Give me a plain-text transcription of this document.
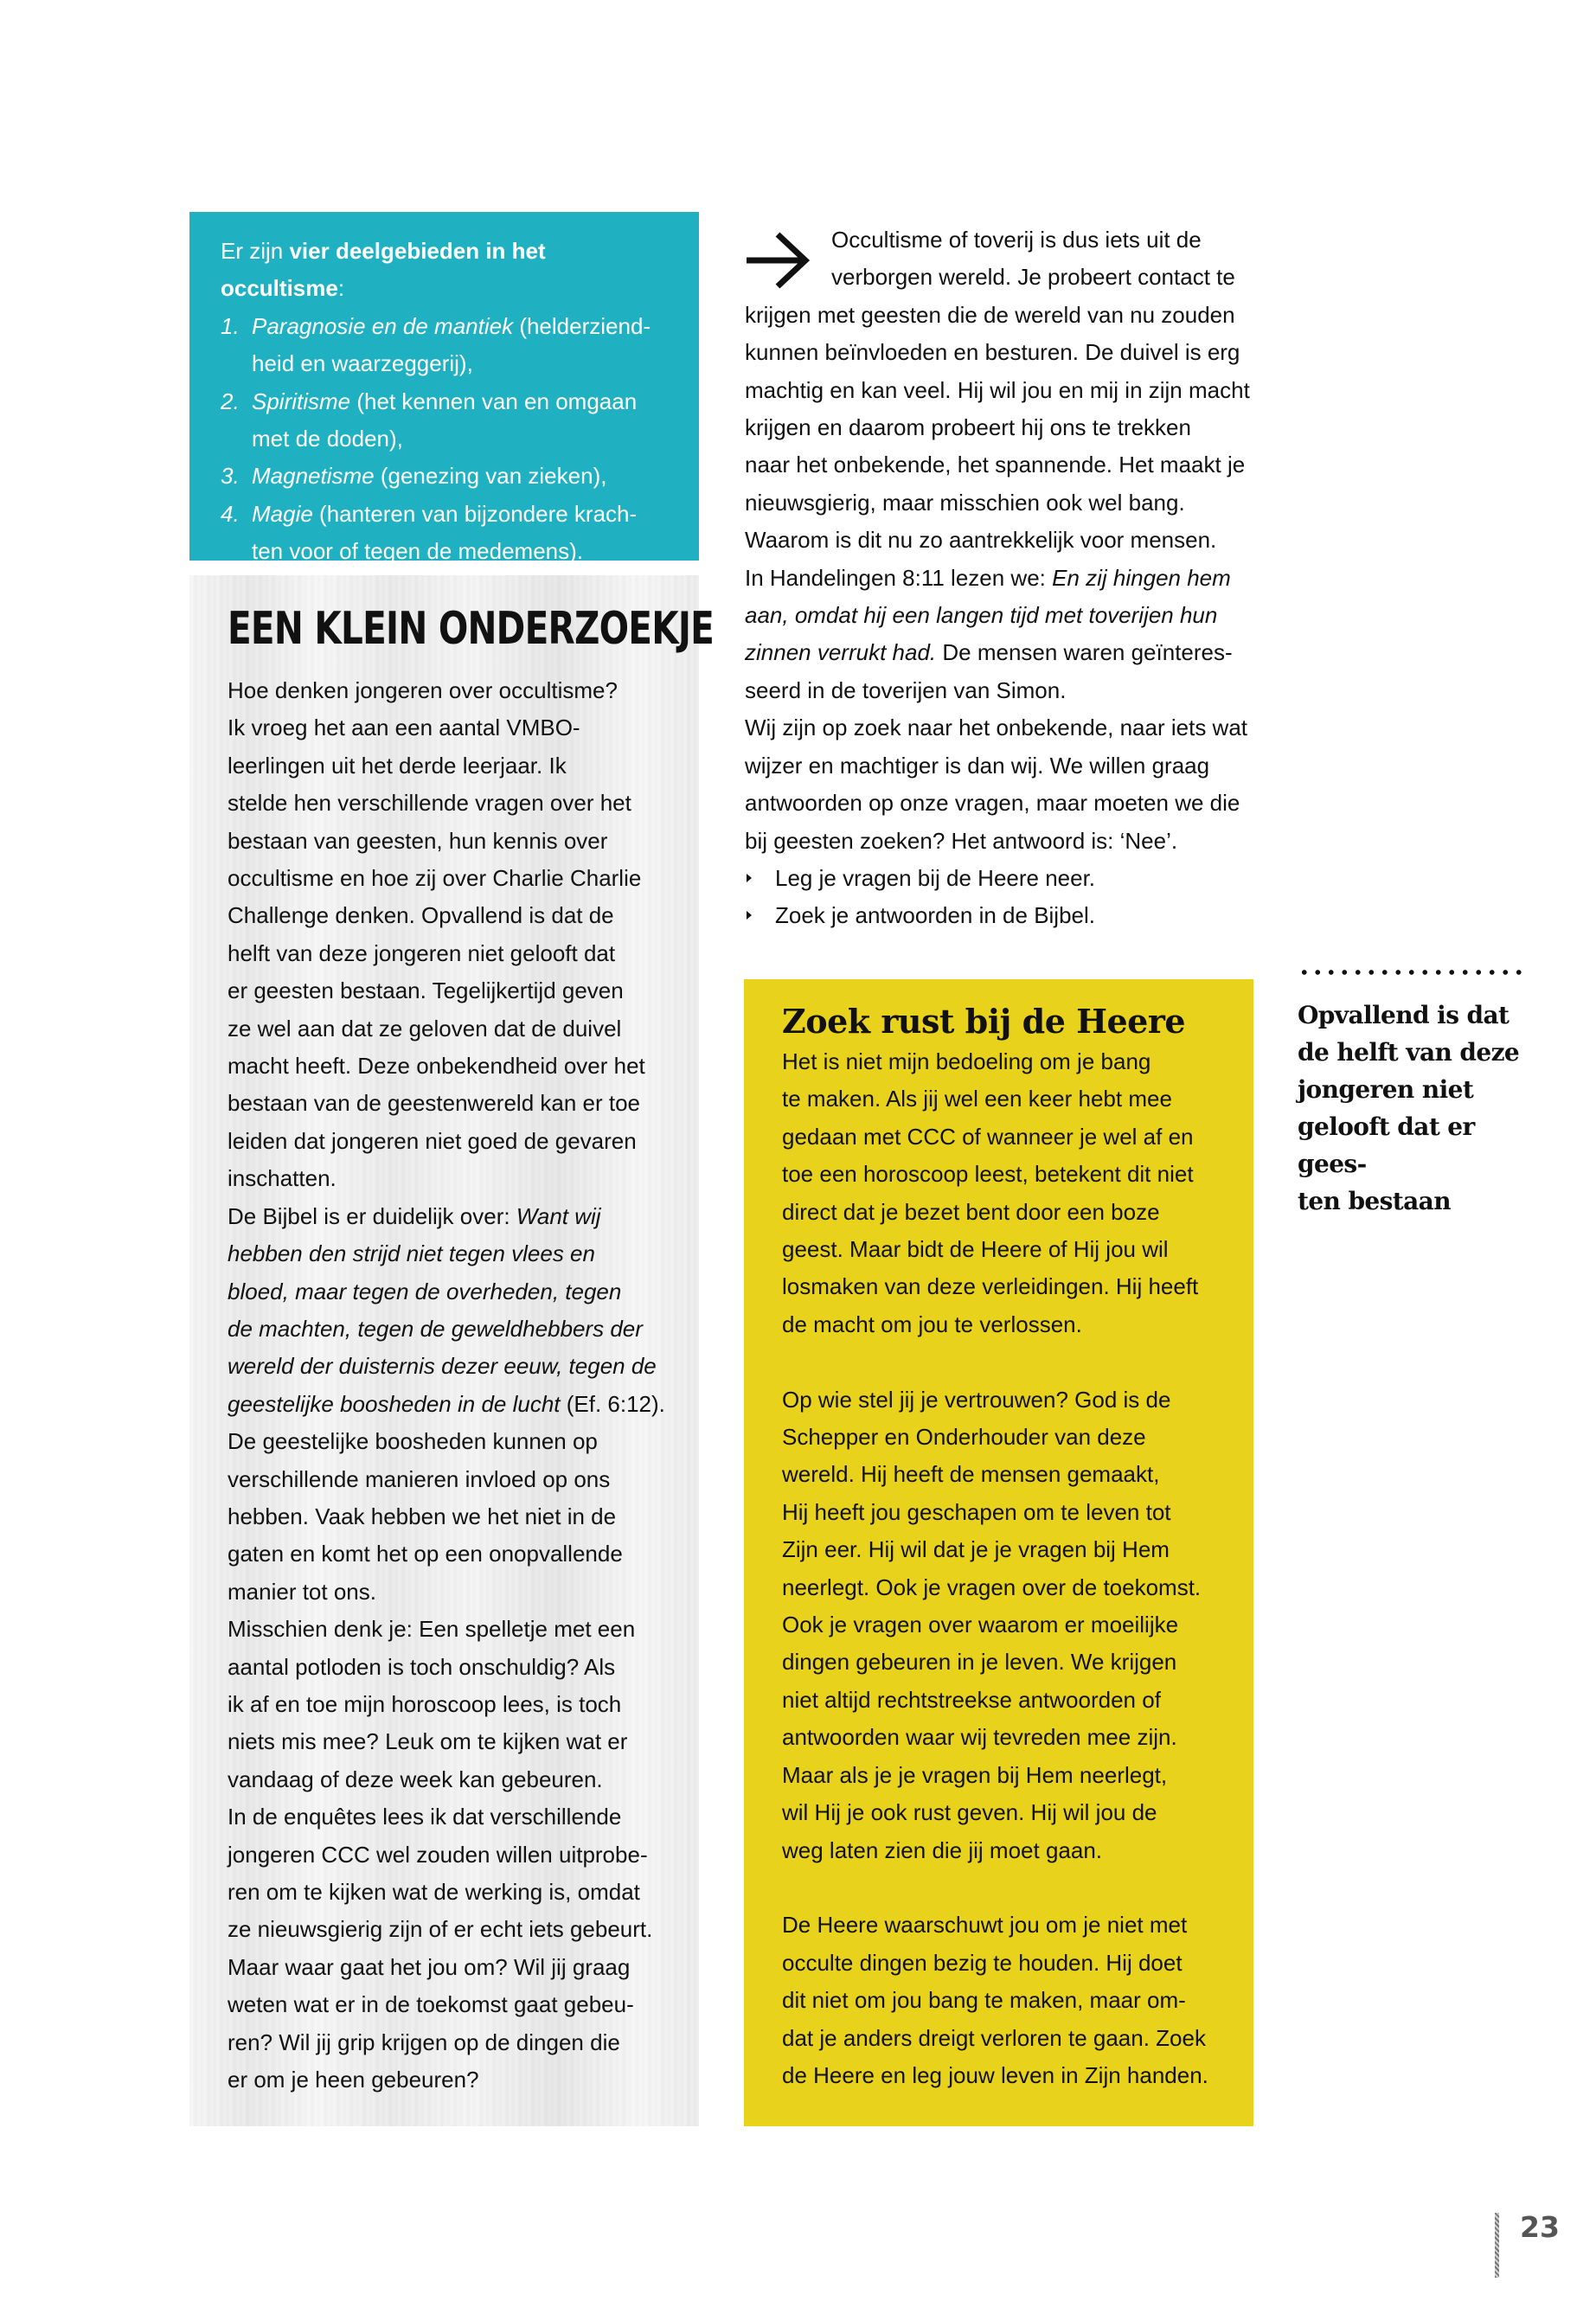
Er zijn vier deelgebieden in het occultisme:
1. Paragnosie en de mantiek (helderziend-
heid en waarzeggerij),
2. Spiritisme (het kennen van en omgaan
met de doden),
3. Magnetisme (genezing van zieken),
4. Magie (hanteren van bijzondere krach-
ten voor of tegen de medemens).
EEN KLEIN ONDERZOEKJE

Hoe denken jongeren over occultisme?
Ik vroeg het aan een aantal VMBO-
leerlingen uit het derde leerjaar. Ik
stelde hen verschillende vragen over het
bestaan van geesten, hun kennis over
occultisme en hoe zij over Charlie Charlie
Challenge denken. Opvallend is dat de
helft van deze jongeren niet gelooft dat
er geesten bestaan. Tegelijkertijd geven
ze wel aan dat ze geloven dat de duivel
macht heeft. Deze onbekendheid over het
bestaan van de geestenwereld kan er toe
leiden dat jongeren niet goed de gevaren
inschatten.
De Bijbel is er duidelijk over: Want wij
hebben den strijd niet tegen vlees en
bloed, maar tegen de overheden, tegen
de machten, tegen de geweldhebbers der
wereld der duisternis dezer eeuw, tegen de
geestelijke boosheden in de lucht (Ef. 6:12).
De geestelijke boosheden kunnen op
verschillende manieren invloed op ons
hebben. Vaak hebben we het niet in de
gaten en komt het op een onopvallende
manier tot ons.
Misschien denk je: Een spelletje met een
aantal potloden is toch onschuldig? Als
ik af en toe mijn horoscoop lees, is toch
niets mis mee? Leuk om te kijken wat er
vandaag of deze week kan gebeuren.
In de enquêtes lees ik dat verschillende
jongeren CCC wel zouden willen uitprobe-
ren om te kijken wat de werking is, omdat
ze nieuwsgierig zijn of er echt iets gebeurt.
Maar waar gaat het jou om? Wil jij graag
weten wat er in de toekomst gaat gebeu-
ren? Wil jij grip krijgen op de dingen die
er om je heen gebeuren?

Occultisme of toverij is dus iets uit de
verborgen wereld. Je probeert contact te

krijgen met geesten die de wereld van nu zouden
kunnen beïnvloeden en besturen. De duivel is erg
machtig en kan veel. Hij wil jou en mij in zijn macht
krijgen en daarom probeert hij ons te trekken
naar het onbekende, het spannende. Het maakt je
nieuwsgierig, maar misschien ook wel bang.
Waarom is dit nu zo aantrekkelijk voor mensen.
In Handelingen 8:11 lezen we: En zij hingen hem
aan, omdat hij een langen tijd met toverijen hun
zinnen verrukt had. De mensen waren geïnteres-
seerd in de toverijen van Simon.
Wij zijn op zoek naar het onbekende, naar iets wat
wijzer en machtiger is dan wij. We willen graag
antwoorden op onze vragen, maar moeten we die
bij geesten zoeken? Het antwoord is: ‘Nee’.

Leg je vragen bij de Heere neer.
Zoek je antwoorden in de Bijbel.
Zoek rust bij de Heere

Het is niet mijn bedoeling om je bang
te maken. Als jij wel een keer hebt mee
gedaan met CCC of wanneer je wel af en
toe een horoscoop leest, betekent dit niet
direct dat je bezet bent door een boze
geest. Maar bidt de Heere of Hij jou wil
losmaken van deze verleidingen. Hij heeft
de macht om jou te verlossen.

Op wie stel jij je vertrouwen? God is de
Schepper en Onderhouder van deze
wereld. Hij heeft de mensen gemaakt,
Hij heeft jou geschapen om te leven tot
Zijn eer. Hij wil dat je je vragen bij Hem
neerlegt. Ook je vragen over de toekomst.
Ook je vragen over waarom er moeilijke
dingen gebeuren in je leven. We krijgen
niet altijd rechtstreekse antwoorden of
antwoorden waar wij tevreden mee zijn.
Maar als je je vragen bij Hem neerlegt,
wil Hij je ook rust geven. Hij wil jou de
weg laten zien die jij moet gaan.

De Heere waarschuwt jou om je niet met
occulte dingen bezig te houden. Hij doet
dit niet om jou bang te maken, maar om-
dat je anders dreigt verloren te gaan. Zoek
de Heere en leg jouw leven in Zijn handen.

Opvallend is dat
de helft van deze
jongeren niet
gelooft dat er gees-
ten bestaan
23
